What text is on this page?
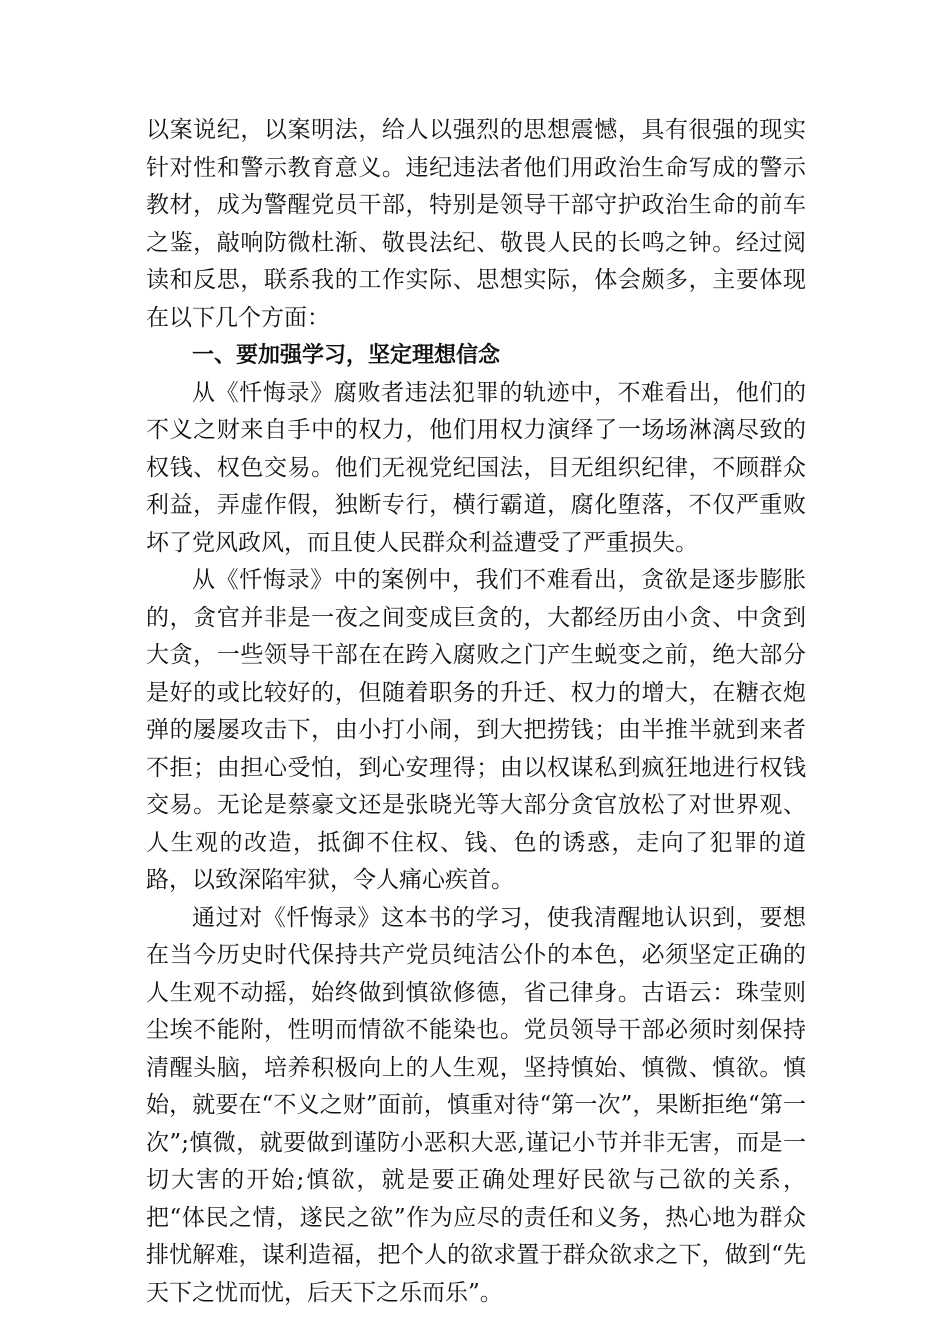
以案说纪，以案明法，给人以强烈的思想震憾，具有很强的现实针对性和警示教育意义。违纪违法者他们用政治生命写成的警示教材，成为警醒党员干部，特别是领导干部守护政治生命的前车之鉴，敲响防微杜渐、敬畏法纪、敬畏人民的长鸣之钟。经过阅读和反思，联系我的工作实际、思想实际，体会颇多，主要体现在以下几个方面：

一、要加强学习，坚定理想信念

从《忏悔录》腐败者违法犯罪的轨迹中，不难看出，他们的不义之财来自手中的权力，他们用权力演绎了一场场淋漓尽致的权钱、权色交易。他们无视党纪国法，目无组织纪律，不顾群众利益，弄虚作假，独断专行，横行霸道，腐化堕落，不仅严重败坏了党风政风，而且使人民群众利益遭受了严重损失。

从《忏悔录》中的案例中，我们不难看出，贪欲是逐步膨胀的，贪官并非是一夜之间变成巨贪的，大都经历由小贪、中贪到大贪，一些领导干部在在跨入腐败之门产生蜕变之前，绝大部分是好的或比较好的，但随着职务的升迁、权力的增大，在糖衣炮弹的屡屡攻击下，由小打小闹，到大把捞钱；由半推半就到来者不拒；由担心受怕，到心安理得；由以权谋私到疯狂地进行权钱交易。无论是蔡豪文还是张晓光等大部分贪官放松了对世界观、人生观的改造，抵御不住权、钱、色的诱惑，走向了犯罪的道路，以致深陷牢狱，令人痛心疾首。

通过对《忏悔录》这本书的学习，使我清醒地认识到，要想在当今历史时代保持共产党员纯洁公仆的本色，必须坚定正确的人生观不动摇，始终做到慎欲修德，省己律身。古语云：珠莹则尘埃不能附，性明而情欲不能染也。党员领导干部必须时刻保持清醒头脑，培养积极向上的人生观，坚持慎始、慎微、慎欲。慎始，就要在“不义之财”面前，慎重对待“第一次”，果断拒绝“第一次”;慎微，就要做到谨防小恶积大恶,谨记小节并非无害，而是一切大害的开始;慎欲，就是要正确处理好民欲与己欲的关系，把“体民之情，遂民之欲”作为应尽的责任和义务，热心地为群众排忧解难，谋利造福，把个人的欲求置于群众欲求之下，做到“先天下之忧而忧，后天下之乐而乐”。
